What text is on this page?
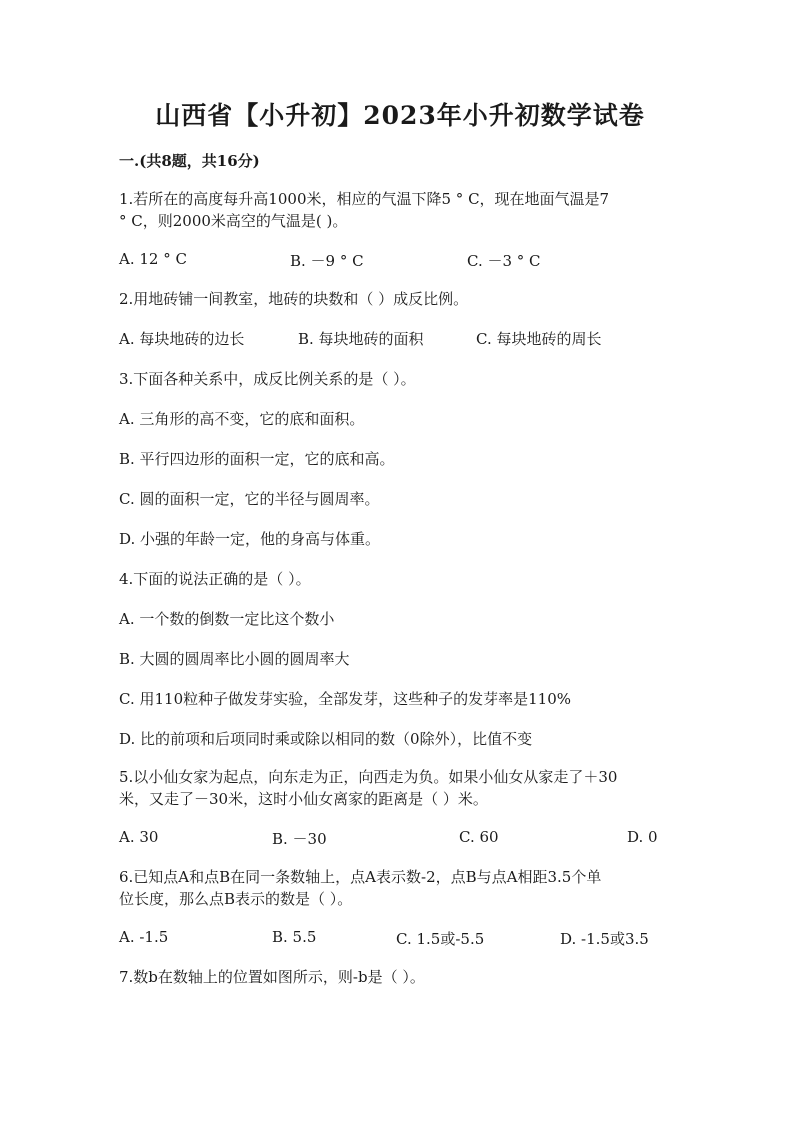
山西省【小升初】2023年小升初数学试卷
一.(共8题，共16分)
1.若所在的高度每升高1000米，相应的气温下降5 ° C，现在地面气温是7
° C，则2000米高空的气温是( )。
A. 12 ° C	B. －9 ° C	C. －3 ° C
2.用地砖铺一间教室，地砖的块数和（ ）成反比例。
A. 每块地砖的边长	B. 每块地砖的面积	C. 每块地砖的周长
3.下面各种关系中，成反比例关系的是（ ）。
A. 三角形的高不变，它的底和面积。
B. 平行四边形的面积一定，它的底和高。
C. 圆的面积一定，它的半径与圆周率。
D. 小强的年龄一定，他的身高与体重。
4.下面的说法正确的是（ ）。
A. 一个数的倒数一定比这个数小
B. 大圆的圆周率比小圆的圆周率大
C. 用110粒种子做发芽实验，全部发芽，这些种子的发芽率是110%
D. 比的前项和后项同时乘或除以相同的数（0除外），比值不变
5.以小仙女家为起点，向东走为正，向西走为负。如果小仙女从家走了＋30
米，又走了－30米，这时小仙女离家的距离是（ ）米。
A. 30	B. －30	C. 60	D. 0
6.已知点A和点B在同一条数轴上，点A表示数-2，点B与点A相距3.5个单
位长度，那么点B表示的数是（ ）。
A. -1.5	B. 5.5	C. 1.5或-5.5	D. -1.5或3.5
7.数b在数轴上的位置如图所示，则-b是（ ）。
